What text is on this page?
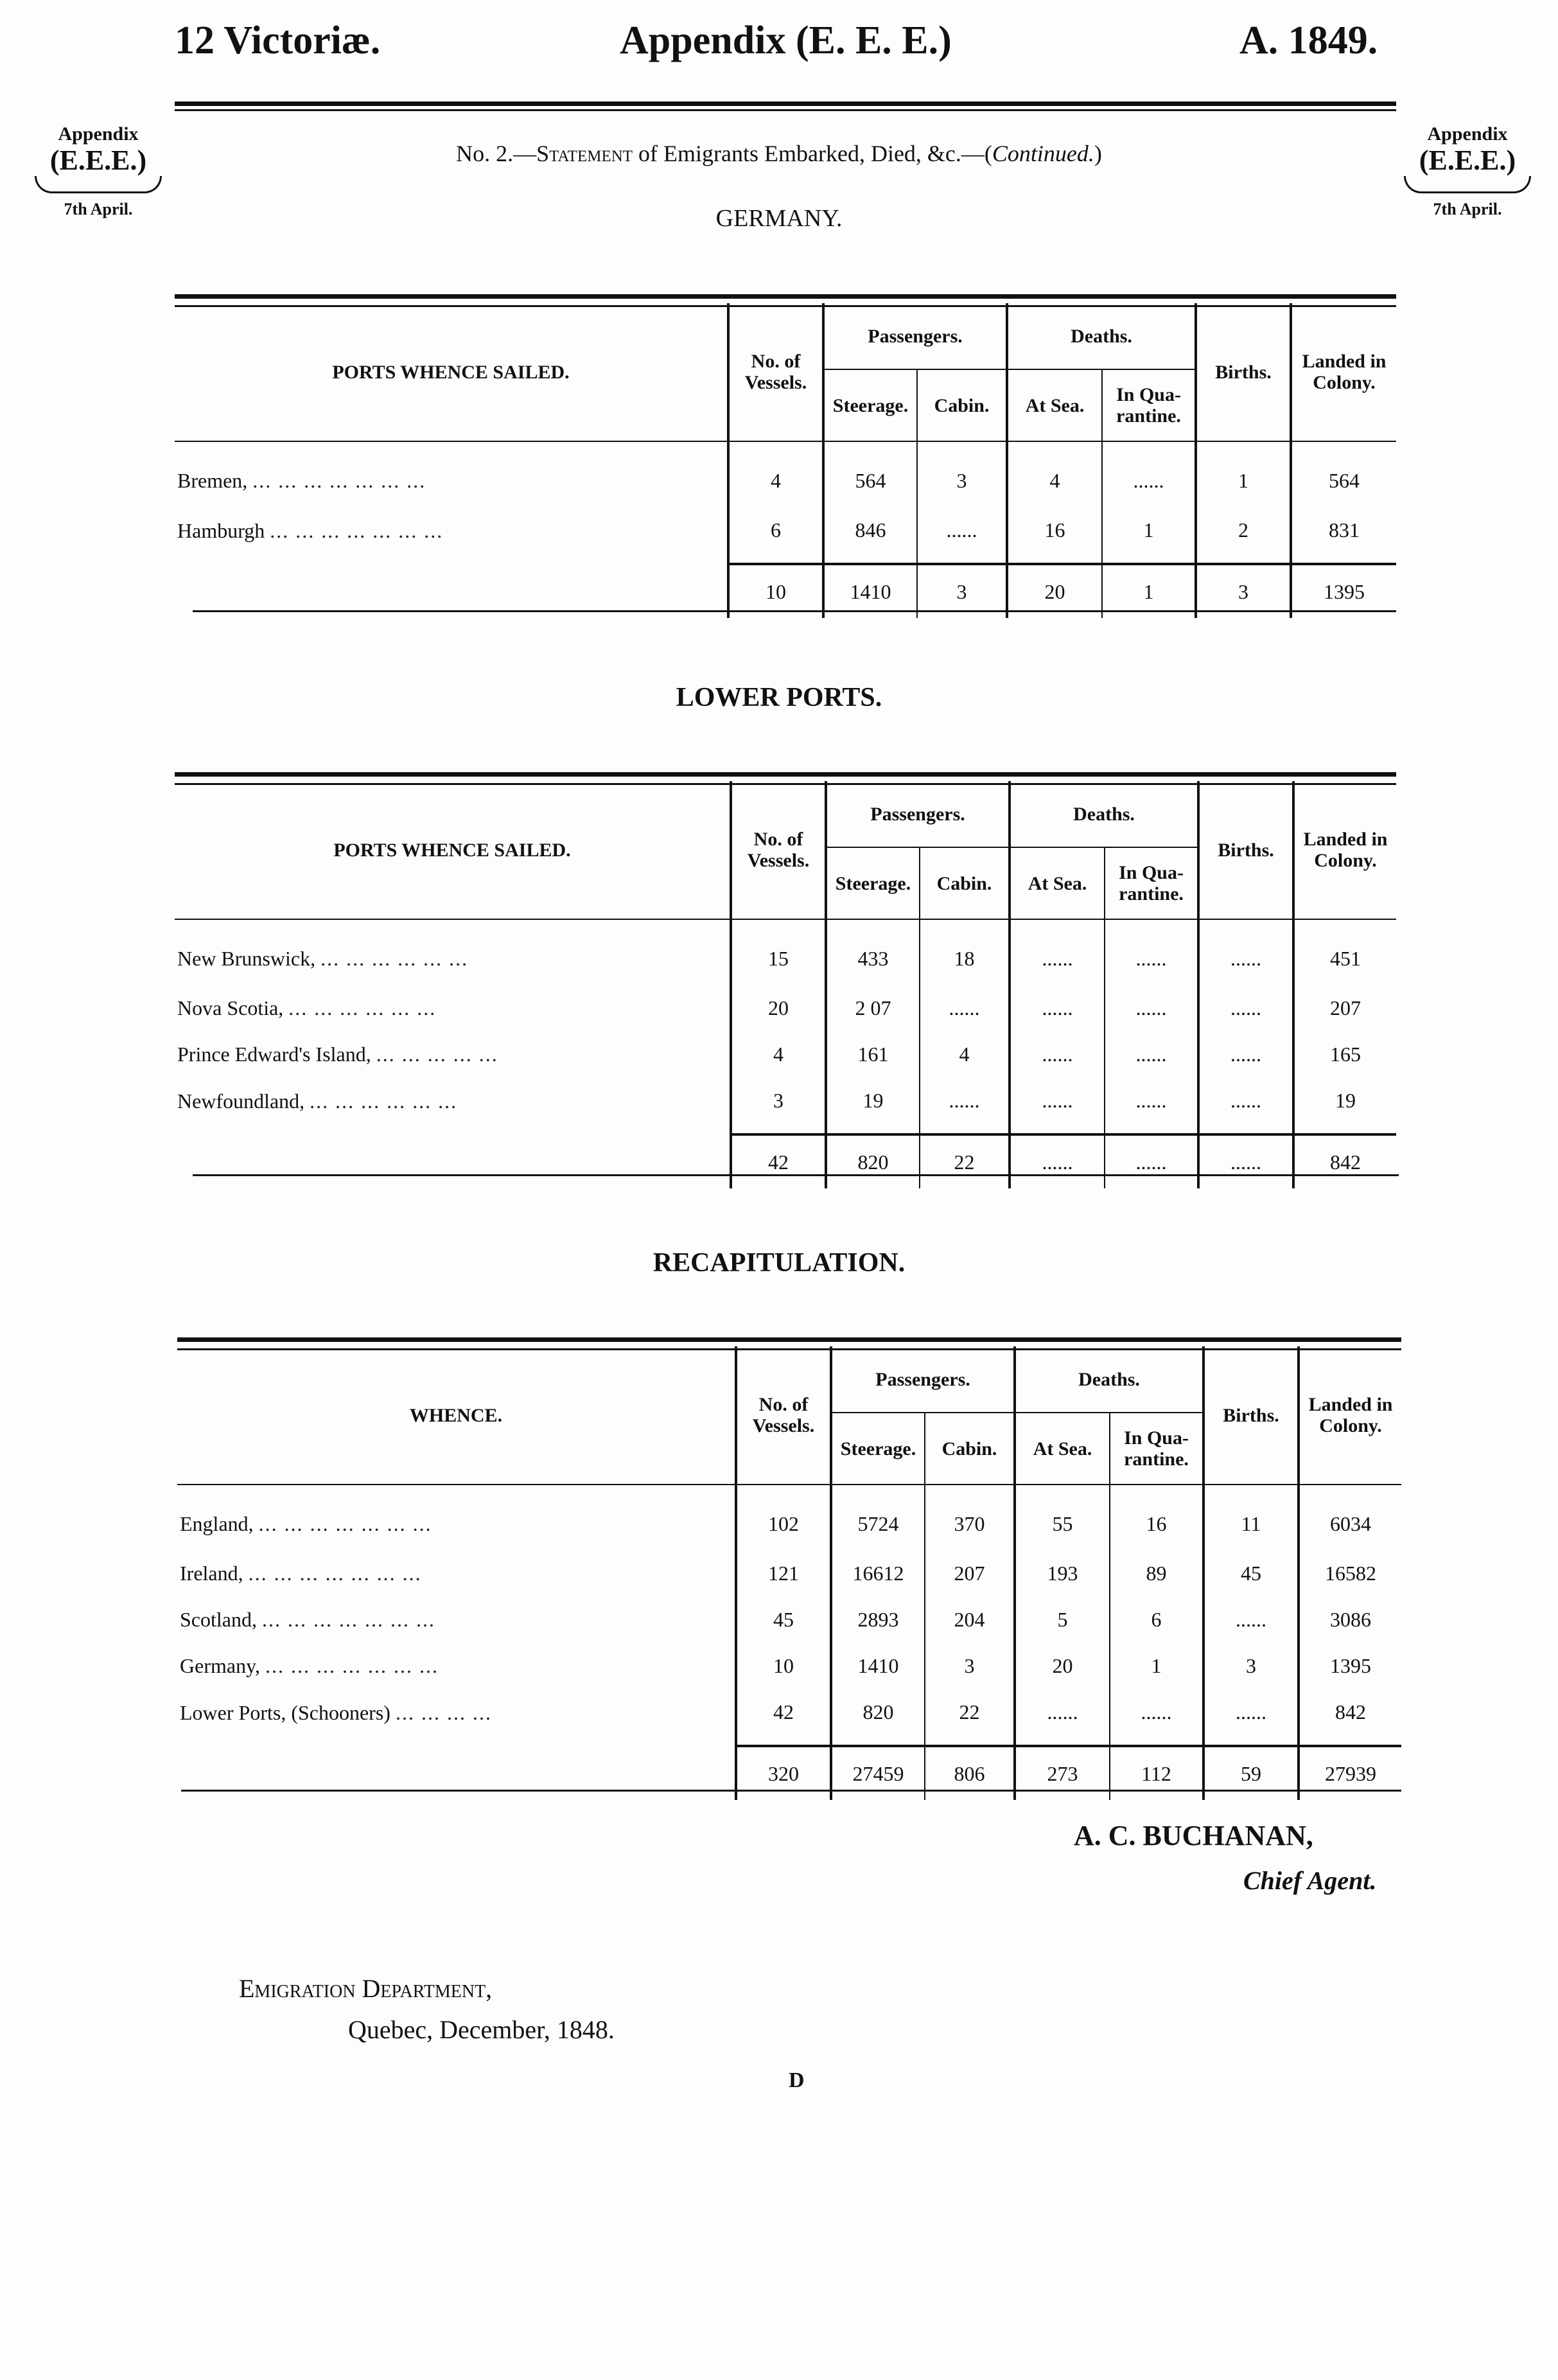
12 Victoriæ.	Appendix (E. E. E.)	A. 1849.
Appendix
(E.E.E.)
7th April.
Appendix
(E.E.E.)
7th April.
No. 2.—Statement of Emigrants Embarked, Died, &c.—(Continued.)
GERMANY.
PORTS WHENCE SAILED.	No. of Vessels.	Passengers.		Deaths.		Births.	Landed in Colony.
		Steerage.	Cabin.	At Sea.	In Qua- rantine.		
Bremen, ... ... ... ... ... ... ...	4	564	3	4	......	1	564
Hamburgh ... ... ... ... ... ... ...	6	846	......	16	1	2	831
	10	1410	3	20	1	3	1395
LOWER PORTS.
PORTS WHENCE SAILED.	No. of Vessels.	Passengers.		Deaths.		Births.	Landed in Colony.
		Steerage.	Cabin.	At Sea.	In Qua- rantine.		
New Brunswick, ... ... ... ... ... ...	15	433	18	......	......	......	451
Nova Scotia, ... ... ... ... ... ...	20	2 07	......	......	......	......	207
Prince Edward's Island, ... ... ... ... ...	4	161	4	......	......	......	165
Newfoundland, ... ... ... ... ... ...	3	19	......	......	......	......	19
	42	820	22	......	......	......	842
RECAPITULATION.
WHENCE.	No. of Vessels.	Passengers.		Deaths.		Births.	Landed in Colony.
		Steerage.	Cabin.	At Sea.	In Qua- rantine.		
England, ... ... ... ... ... ... ...	102	5724	370	55	16	11	6034
Ireland, ... ... ... ... ... ... ...	121	16612	207	193	89	45	16582
Scotland, ... ... ... ... ... ... ...	45	2893	204	5	6	......	3086
Germany, ... ... ... ... ... ... ...	10	1410	3	20	1	3	1395
Lower Ports, (Schooners) ... ... ... ...	42	820	22	......	......	......	842
	320	27459	806	273	112	59	27939
A. C. BUCHANAN,
Chief Agent.
Emigration Department,
Quebec, December, 1848.
D
